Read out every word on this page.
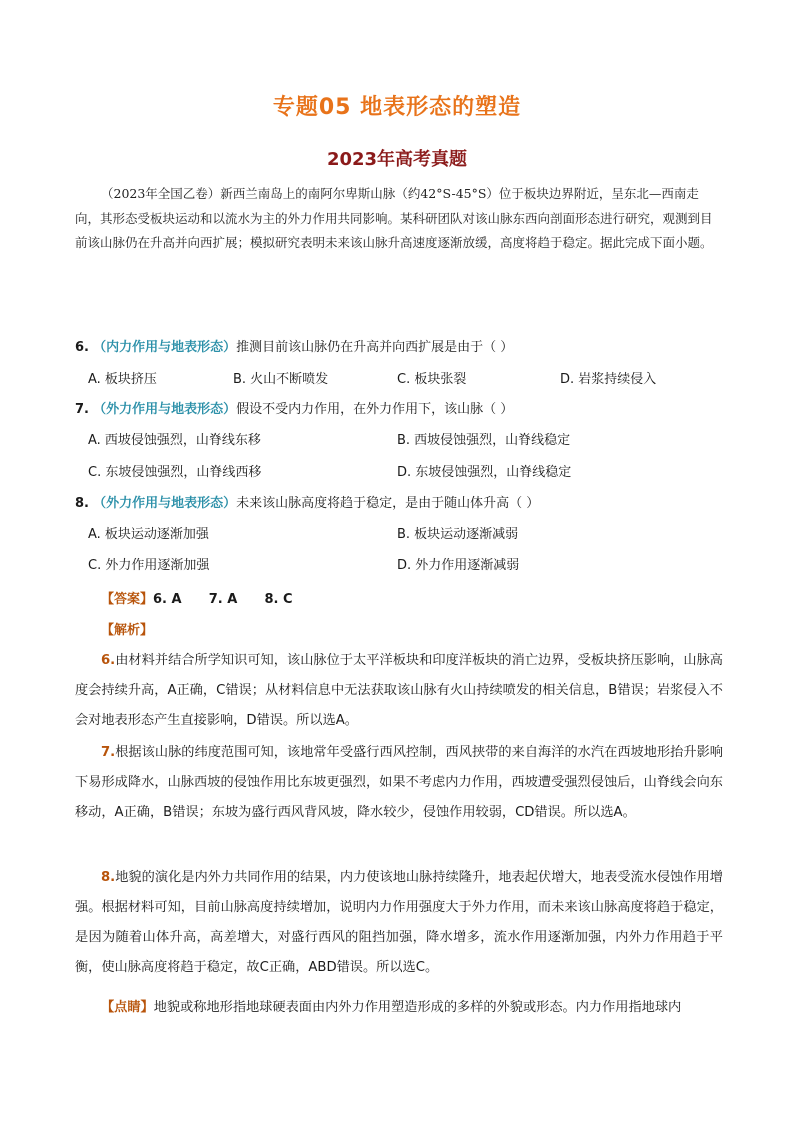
专题05 地表形态的塑造
2023年高考真题
（2023年全国乙卷）新西兰南岛上的南阿尔卑斯山脉（约42°S-45°S）位于板块边界附近，呈东北—西南走向，其形态受板块运动和以流水为主的外力作用共同影响。某科研团队对该山脉东西向剖面形态进行研究，观测到目前该山脉仍在升高并向西扩展；模拟研究表明未来该山脉升高速度逐渐放缓，高度将趋于稳定。据此完成下面小题。
6. （内力作用与地表形态）推测目前该山脉仍在升高并向西扩展是由于（ ）
A. 板块挤压	B. 火山不断喷发	C. 板块张裂	D. 岩浆持续侵入
7. （外力作用与地表形态）假设不受内力作用，在外力作用下，该山脉（ ）
A. 西坡侵蚀强烈，山脊线东移	B. 西坡侵蚀强烈，山脊线稳定
C. 东坡侵蚀强烈，山脊线西移	D. 东坡侵蚀强烈，山脊线稳定
8. （外力作用与地表形态）未来该山脉高度将趋于稳定，是由于随山体升高（ ）
A. 板块运动逐渐加强	B. 板块运动逐渐减弱
C. 外力作用逐渐加强	D. 外力作用逐渐减弱
【答案】6. A      7. A      8. C
【解析】
6.由材料并结合所学知识可知，该山脉位于太平洋板块和印度洋板块的消亡边界，受板块挤压影响，山脉高度会持续升高，A正确，C错误；从材料信息中无法获取该山脉有火山持续喷发的相关信息，B错误；岩浆侵入不会对地表形态产生直接影响，D错误。所以选A。
7.根据该山脉的纬度范围可知，该地常年受盛行西风控制，西风挟带的来自海洋的水汽在西坡地形抬升影响下易形成降水，山脉西坡的侵蚀作用比东坡更强烈，如果不考虑内力作用，西坡遭受强烈侵蚀后，山脊线会向东移动，A正确，B错误；东坡为盛行西风背风坡，降水较少，侵蚀作用较弱，CD错误。所以选A。
8.地貌的演化是内外力共同作用的结果，内力使该地山脉持续隆升，地表起伏增大，地表受流水侵蚀作用增强。根据材料可知，目前山脉高度持续增加，说明内力作用强度大于外力作用，而未来该山脉高度将趋于稳定，是因为随着山体升高，高差增大，对盛行西风的阻挡加强，降水增多，流水作用逐渐加强，内外力作用趋于平衡，使山脉高度将趋于稳定，故C正确，ABD错误。所以选C。
【点睛】地貌或称地形指地球硬表面由内外力作用塑造形成的多样的外貌或形态。内力作用指地球内
